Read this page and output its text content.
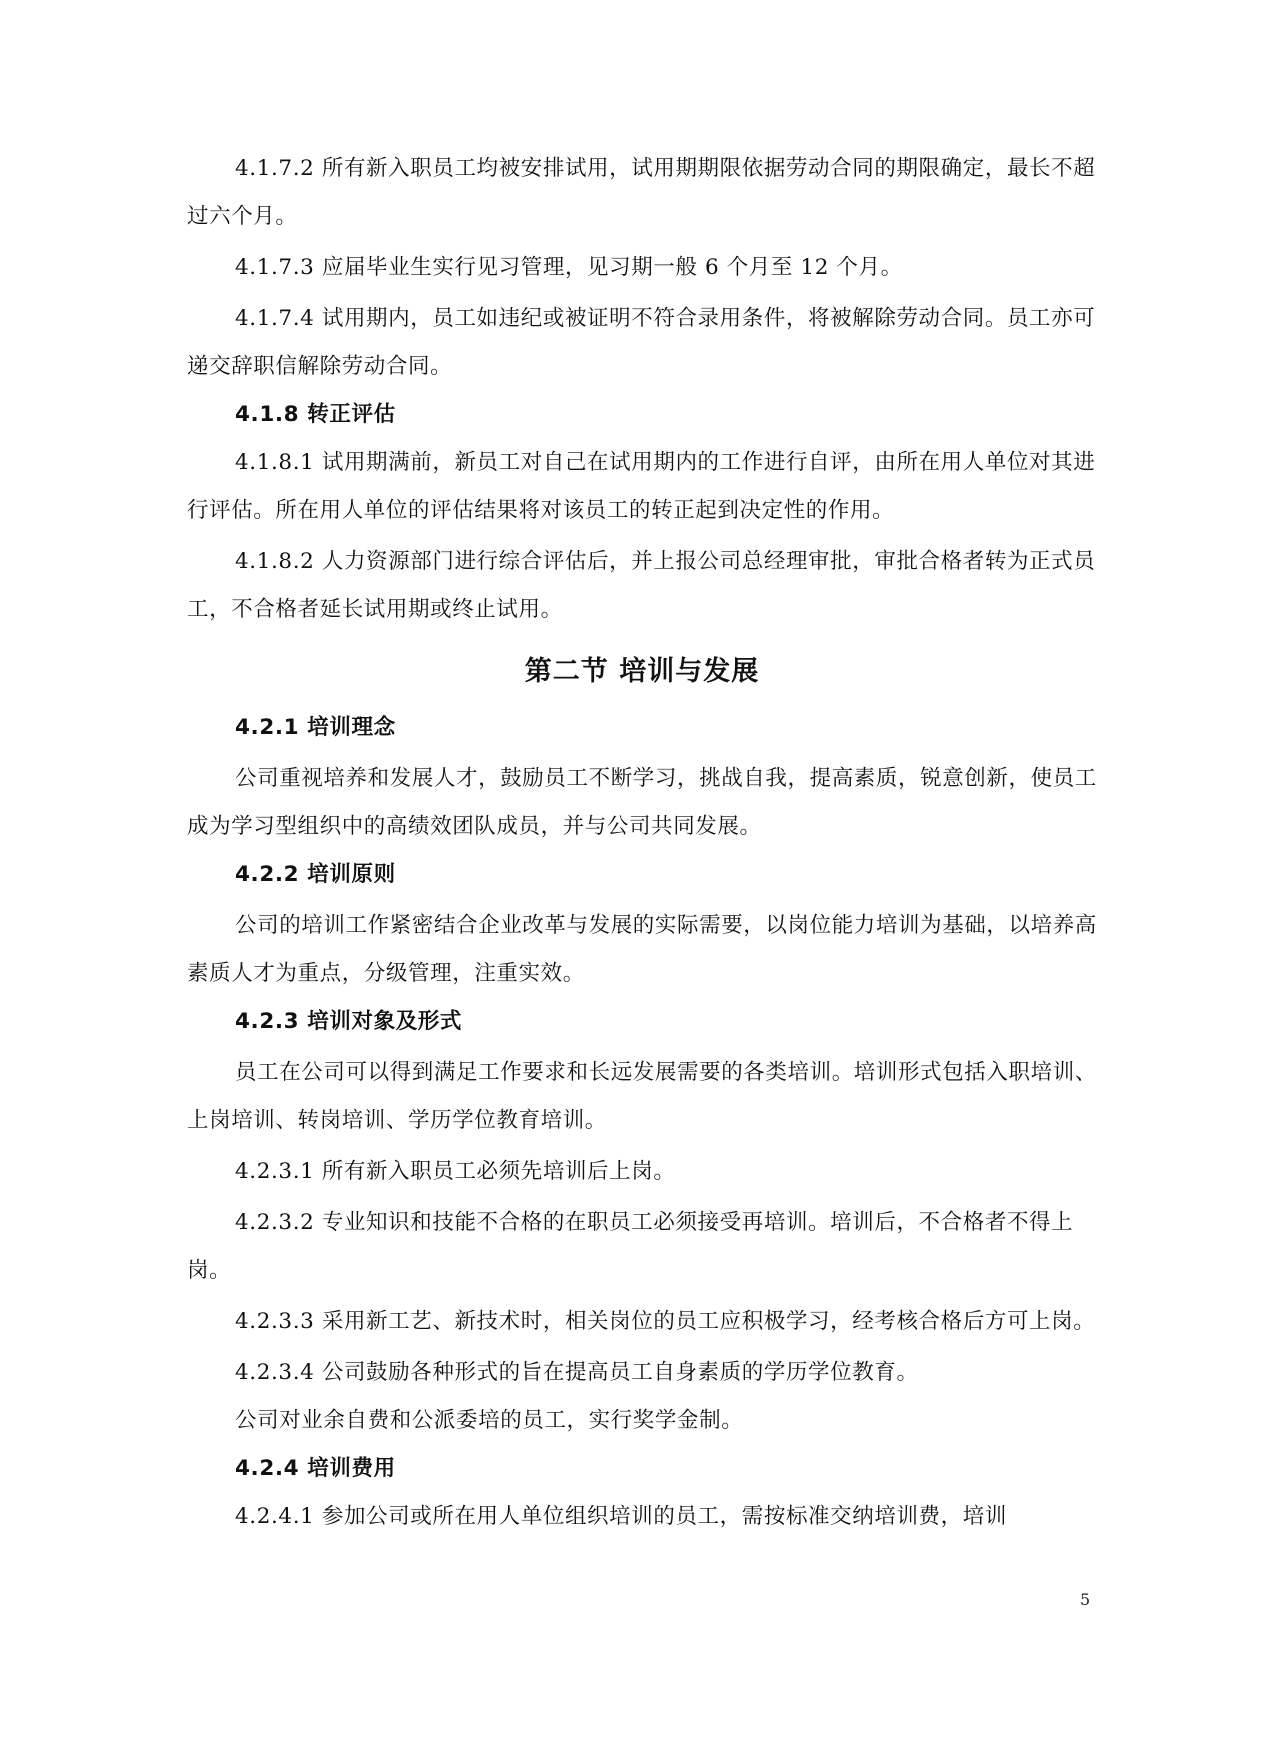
4.1.7.2 所有新入职员工均被安排试用，试用期期限依据劳动合同的期限确定，最长不超过六个月。

4.1.7.3 应届毕业生实行见习管理，见习期一般 6 个月至 12 个月。

4.1.7.4 试用期内，员工如违纪或被证明不符合录用条件，将被解除劳动合同。员工亦可递交辞职信解除劳动合同。

4.1.8 转正评估

4.1.8.1 试用期满前，新员工对自己在试用期内的工作进行自评，由所在用人单位对其进行评估。所在用人单位的评估结果将对该员工的转正起到决定性的作用。

4.1.8.2 人力资源部门进行综合评估后，并上报公司总经理审批，审批合格者转为正式员工，不合格者延长试用期或终止试用。

第二节 培训与发展

4.2.1 培训理念

公司重视培养和发展人才，鼓励员工不断学习，挑战自我，提高素质，锐意创新，使员工成为学习型组织中的高绩效团队成员，并与公司共同发展。

4.2.2 培训原则

公司的培训工作紧密结合企业改革与发展的实际需要，以岗位能力培训为基础，以培养高素质人才为重点，分级管理，注重实效。

4.2.3 培训对象及形式

员工在公司可以得到满足工作要求和长远发展需要的各类培训。培训形式包括入职培训、上岗培训、转岗培训、学历学位教育培训。

4.2.3.1 所有新入职员工必须先培训后上岗。

4.2.3.2 专业知识和技能不合格的在职员工必须接受再培训。培训后，不合格者不得上岗。

4.2.3.3 采用新工艺、新技术时，相关岗位的员工应积极学习，经考核合格后方可上岗。

4.2.3.4 公司鼓励各种形式的旨在提高员工自身素质的学历学位教育。

公司对业余自费和公派委培的员工，实行奖学金制。

4.2.4 培训费用

4.2.4.1 参加公司或所在用人单位组织培训的员工，需按标准交纳培训费，培训

5
